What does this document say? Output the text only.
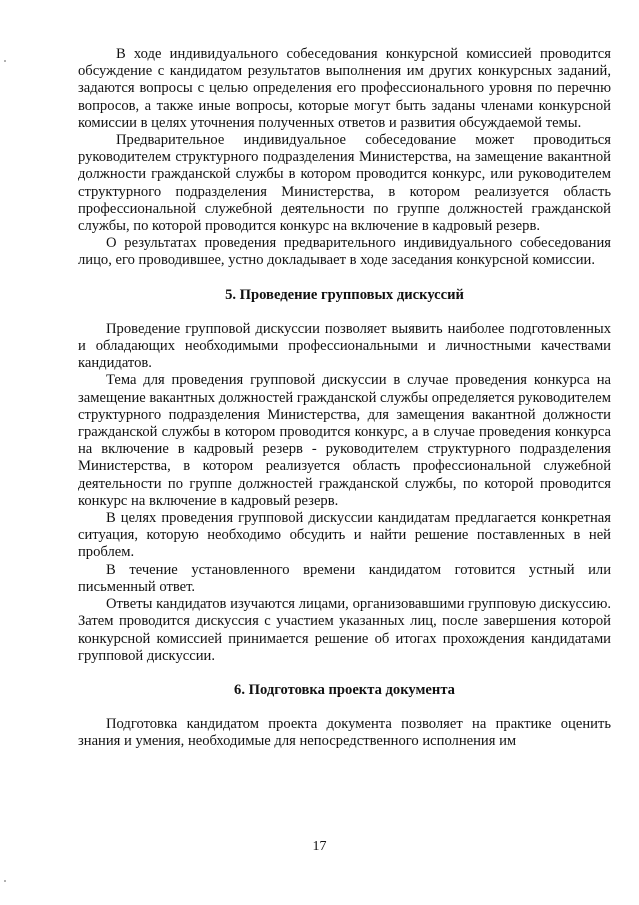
В ходе индивидуального собеседования конкурсной комиссией проводится обсуждение с кандидатом результатов выполнения им других конкурсных заданий, задаются вопросы с целью определения его профессионального уровня по перечню вопросов, а также иные вопросы, которые могут быть заданы членами конкурсной комиссии в целях уточнения полученных ответов и развития обсуждаемой темы.

Предварительное индивидуальное собеседование может проводиться руководителем структурного подразделения Министерства, на замещение вакантной должности гражданской службы в котором проводится конкурс, или руководителем структурного подразделения Министерства, в котором реализуется область профессиональной служебной деятельности по группе должностей гражданской службы, по которой проводится конкурс на включение в кадровый резерв.

О результатах проведения предварительного индивидуального собеседования лицо, его проводившее, устно докладывает в ходе заседания конкурсной комиссии.

5. Проведение групповых дискуссий

Проведение групповой дискуссии позволяет выявить наиболее подготовленных и обладающих необходимыми профессиональными и личностными качествами кандидатов.

Тема для проведения групповой дискуссии в случае проведения конкурса на замещение вакантных должностей гражданской службы определяется руководителем структурного подразделения Министерства, для замещения вакантной должности гражданской службы в котором проводится конкурс, а в случае проведения конкурса на включение в кадровый резерв - руководителем структурного подразделения Министерства, в котором реализуется область профессиональной служебной деятельности по группе должностей гражданской службы, по которой проводится конкурс на включение в кадровый резерв.

В целях проведения групповой дискуссии кандидатам предлагается конкретная ситуация, которую необходимо обсудить и найти решение поставленных в ней проблем.

В течение установленного времени кандидатом готовится устный или письменный ответ.

Ответы кандидатов изучаются лицами, организовавшими групповую дискуссию. Затем проводится дискуссия с участием указанных лиц, после завершения которой конкурсной комиссией принимается решение об итогах прохождения кандидатами групповой дискуссии.

6. Подготовка проекта документа

Подготовка кандидатом проекта документа позволяет на практике оценить знания и умения, необходимые для непосредственного исполнения им

17
